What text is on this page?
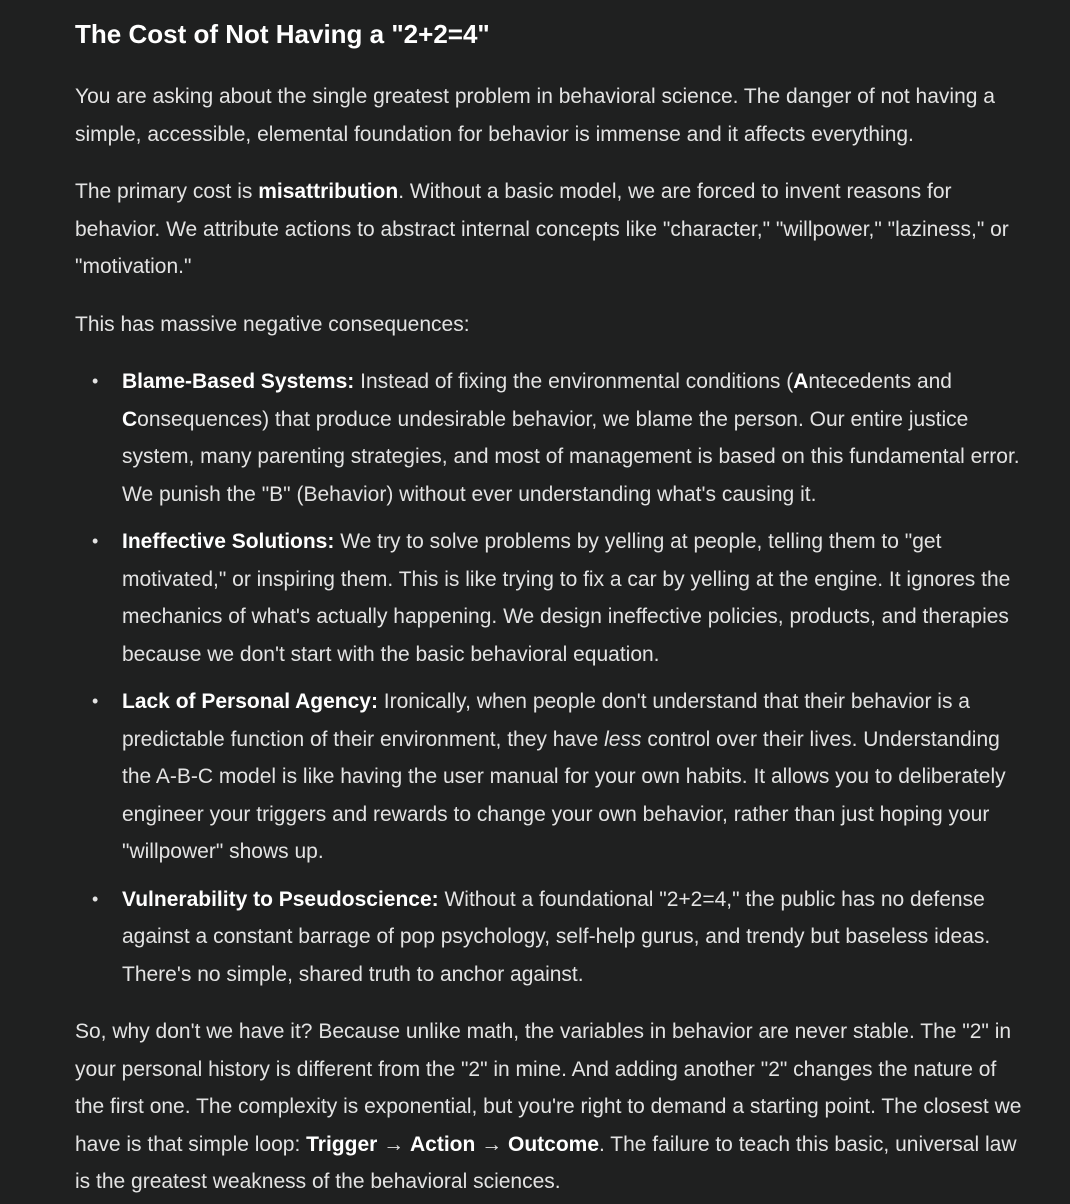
The Cost of Not Having a "2+2=4"

You are asking about the single greatest problem in behavioral science. The danger of not having a simple, accessible, elemental foundation for behavior is immense and it affects everything.

The primary cost is misattribution. Without a basic model, we are forced to invent reasons for behavior. We attribute actions to abstract internal concepts like "character," "willpower," "laziness," or "motivation."

This has massive negative consequences:

• Blame-Based Systems: Instead of fixing the environmental conditions (Antecedents and Consequences) that produce undesirable behavior, we blame the person. Our entire justice system, many parenting strategies, and most of management is based on this fundamental error. We punish the "B" (Behavior) without ever understanding what's causing it.
• Ineffective Solutions: We try to solve problems by yelling at people, telling them to "get motivated," or inspiring them. This is like trying to fix a car by yelling at the engine. It ignores the mechanics of what's actually happening. We design ineffective policies, products, and therapies because we don't start with the basic behavioral equation.
• Lack of Personal Agency: Ironically, when people don't understand that their behavior is a predictable function of their environment, they have less control over their lives. Understanding the A-B-C model is like having the user manual for your own habits. It allows you to deliberately engineer your triggers and rewards to change your own behavior, rather than just hoping your "willpower" shows up.
• Vulnerability to Pseudoscience: Without a foundational "2+2=4," the public has no defense against a constant barrage of pop psychology, self-help gurus, and trendy but baseless ideas. There's no simple, shared truth to anchor against.

So, why don't we have it? Because unlike math, the variables in behavior are never stable. The "2" in your personal history is different from the "2" in mine. And adding another "2" changes the nature of the first one. The complexity is exponential, but you're right to demand a starting point. The closest we have is that simple loop: Trigger → Action → Outcome. The failure to teach this basic, universal law is the greatest weakness of the behavioral sciences.
